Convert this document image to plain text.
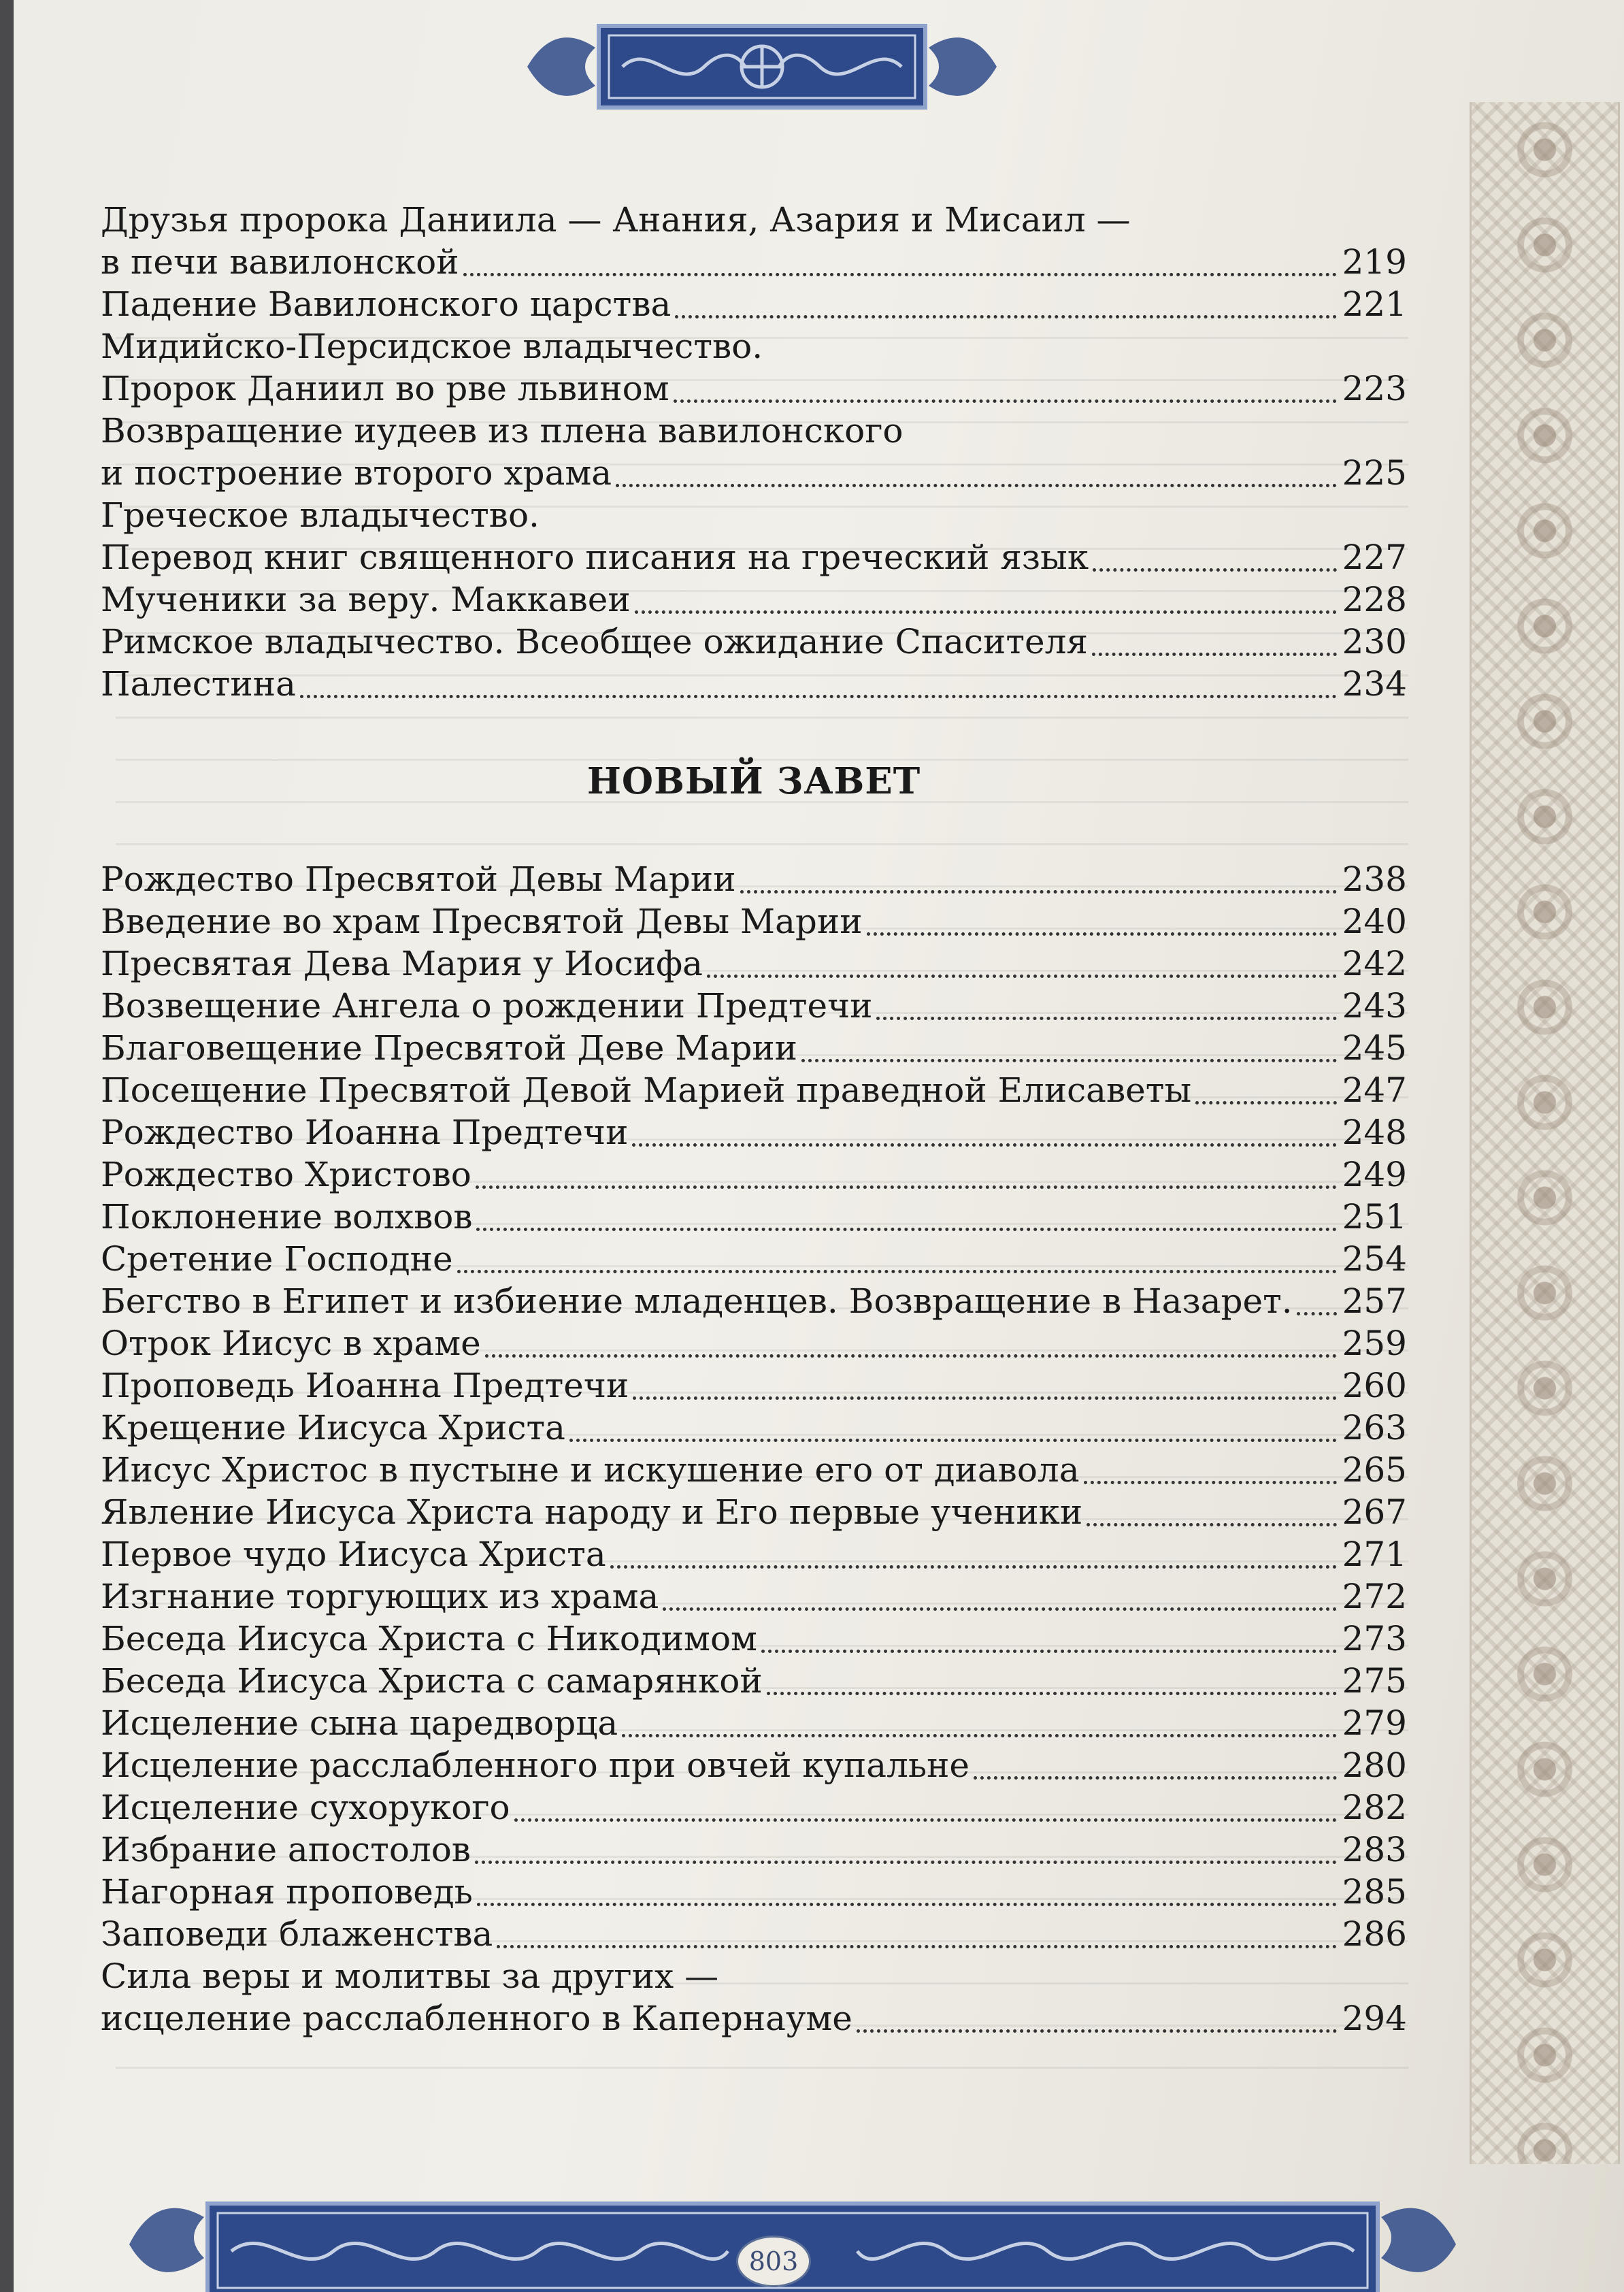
Друзья пророка Даниила — Анания, Азария и Мисаил —
в печи вавилонской	219
Падение Вавилонского царства	221
Мидийско-Персидское владычество.
Пророк Даниил во рве львином	223
Возвращение иудеев из плена вавилонского
и построение второго храма	225
Греческое владычество.
Перевод книг священного писания на греческий язык	227
Мученики за веру. Маккавеи	228
Римское владычество. Всеобщее ожидание Спасителя	230
Палестина	234
НОВЫЙ ЗАВЕТ
Рождество Пресвятой Девы Марии	238
Введение во храм Пресвятой Девы Марии	240
Пресвятая Дева Мария у Иосифа	242
Возвещение Ангела о рождении Предтечи	243
Благовещение Пресвятой Деве Марии	245
Посещение Пресвятой Девой Марией праведной Елисаветы	247
Рождество Иоанна Предтечи	248
Рождество Христово	249
Поклонение волхвов	251
Сретение Господне	254
Бегство в Египет и избиение младенцев. Возвращение в Назарет. 257
Отрок Иисус в храме	259
Проповедь Иоанна Предтечи	260
Крещение Иисуса Христа	263
Иисус Христос в пустыне и искушение его от диавола	265
Явление Иисуса Христа народу и Его первые ученики	267
Первое чудо Иисуса Христа	271
Изгнание торгующих из храма	272
Беседа Иисуса Христа с Никодимом	273
Беседа Иисуса Христа с самарянкой	275
Исцеление сына царедворца	279
Исцеление расслабленного при овчей купальне	280
Исцеление сухорукого	282
Избрание апостолов	283
Нагорная проповедь	285
Заповеди блаженства	286
Сила веры и молитвы за других —
исцеление расслабленного в Капернауме	294
803
